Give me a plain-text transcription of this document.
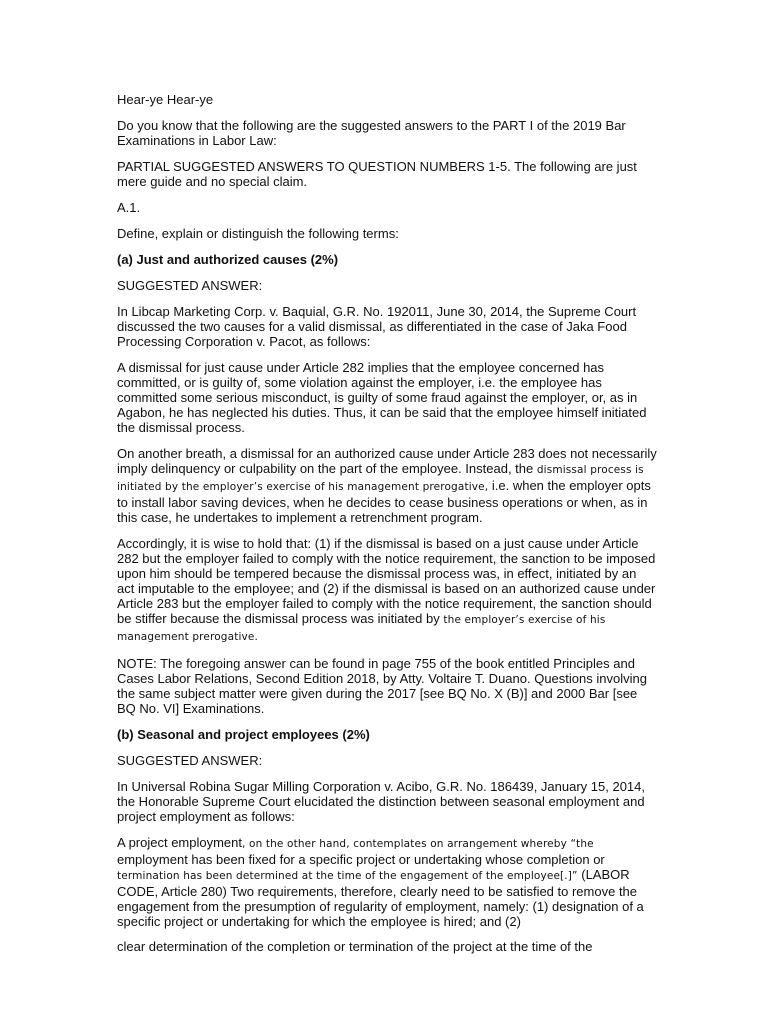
Hear-ye Hear-ye

Do you know that the following are the suggested answers to the PART I of the 2019 Bar Examinations in Labor Law:

PARTIAL SUGGESTED ANSWERS TO QUESTION NUMBERS 1-5. The following are just mere guide and no special claim.

A.1.

Define, explain or distinguish the following terms:

(a) Just and authorized causes (2%)

SUGGESTED ANSWER:

In Libcap Marketing Corp. v. Baquial, G.R. No. 192011, June 30, 2014, the Supreme Court discussed the two causes for a valid dismissal, as differentiated in the case of Jaka Food Processing Corporation v. Pacot, as follows:

A dismissal for just cause under Article 282 implies that the employee concerned has committed, or is guilty of, some violation against the employer, i.e. the employee has committed some serious misconduct, is guilty of some fraud against the employer, or, as in Agabon, he has neglected his duties. Thus, it can be said that the employee himself initiated the dismissal process.

On another breath, a dismissal for an authorized cause under Article 283 does not necessarily imply delinquency or culpability on the part of the employee. Instead, the dismissal process is initiated by the employer’s exercise of his management prerogative, i.e. when the employer opts to install labor saving devices, when he decides to cease business operations or when, as in this case, he undertakes to implement a retrenchment program.

Accordingly, it is wise to hold that: (1) if the dismissal is based on a just cause under Article 282 but the employer failed to comply with the notice requirement, the sanction to be imposed upon him should be tempered because the dismissal process was, in effect, initiated by an act imputable to the employee; and (2) if the dismissal is based on an authorized cause under Article 283 but the employer failed to comply with the notice requirement, the sanction should be stiffer because the dismissal process was initiated by the employer’s exercise of his management prerogative.

NOTE: The foregoing answer can be found in page 755 of the book entitled Principles and Cases Labor Relations, Second Edition 2018, by Atty. Voltaire T. Duano. Questions involving the same subject matter were given during the 2017 [see BQ No. X (B)] and 2000 Bar [see BQ No. VI] Examinations.

(b) Seasonal and project employees (2%)

SUGGESTED ANSWER:

In Universal Robina Sugar Milling Corporation v. Acibo, G.R. No. 186439, January 15, 2014, the Honorable Supreme Court elucidated the distinction between seasonal employment and project employment as follows:

A project employment, on the other hand, contemplates on arrangement whereby “the employment has been fixed for a specific project or undertaking whose completion or termination has been determined at the time of the engagement of the employee[.]” (LABOR CODE, Article 280) Two requirements, therefore, clearly need to be satisfied to remove the engagement from the presumption of regularity of employment, namely: (1) designation of a specific project or undertaking for which the employee is hired; and (2)

clear determination of the completion or termination of the project at the time of the
